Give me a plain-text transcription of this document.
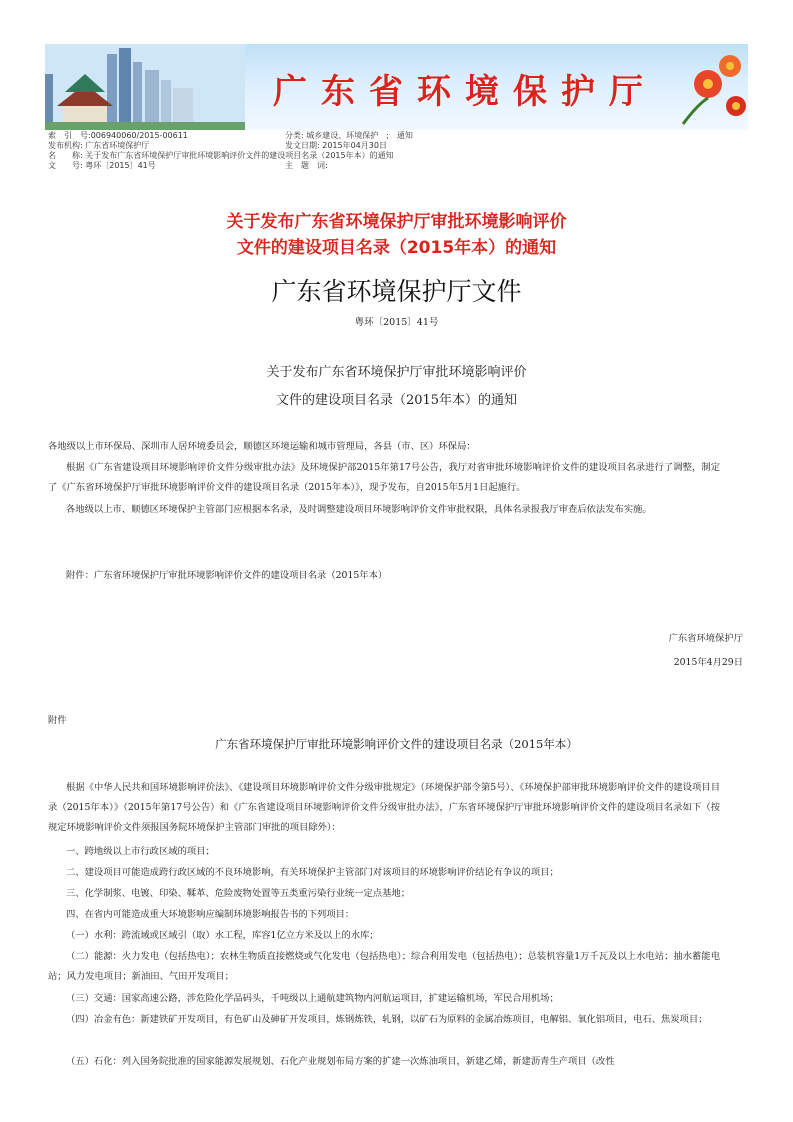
广东省环境保护厅
索　引　号:006940060/2015-00611	分类: 城乡建设、环境保护　;　通知
发布机构: 广东省环境保护厅	发文日期: 2015年04月30日
名　　称: 关于发布广东省环境保护厅审批环境影响评价文件的建设项目名录（2015年本）的通知
文　　号: 粤环〔2015〕41号	主　题　词:
关于发布广东省环境保护厅审批环境影响评价
文件的建设项目名录（2015年本）的通知
广东省环境保护厅文件
粤环〔2015〕41号
关于发布广东省环境保护厅审批环境影响评价
文件的建设项目名录（2015年本）的通知
各地级以上市环保局、深圳市人居环境委员会，顺德区环境运输和城市管理局，各县（市、区）环保局：
根据《广东省建设项目环境影响评价文件分级审批办法》及环境保护部2015年第17号公告，我厅对省审批环境影响评价文件的建设项目名录进行了调整，制定了《广东省环境保护厅审批环境影响评价文件的建设项目名录（2015年本）》，现予发布，自2015年5月1日起施行。
各地级以上市、顺德区环境保护主管部门应根据本名录，及时调整建设项目环境影响评价文件审批权限，具体名录报我厅审查后依法发布实施。
附件：广东省环境保护厅审批环境影响评价文件的建设项目名录（2015年本）
广东省环境保护厅
2015年4月29日
附件
广东省环境保护厅审批环境影响评价文件的建设项目名录（2015年本）
根据《中华人民共和国环境影响评价法》、《建设项目环境影响评价文件分级审批规定》（环境保护部令第5号）、《环境保护部审批环境影响评价文件的建设项目目录（2015年本）》（2015年第17号公告）和《广东省建设项目环境影响评价文件分级审批办法》，广东省环境保护厅审批环境影响评价文件的建设项目名录如下（按规定环境影响评价文件须报国务院环境保护主管部门审批的项目除外）：
一、跨地级以上市行政区域的项目；
二、建设项目可能造成跨行政区域的不良环境影响，有关环境保护主管部门对该项目的环境影响评价结论有争议的项目；
三、化学制浆、电镀、印染、鞣革、危险废物处置等五类重污染行业统一定点基地；
四、在省内可能造成重大环境影响应编制环境影响报告书的下列项目：
（一）水利：跨流域或区域引（取）水工程，库容1亿立方米及以上的水库；
（二）能源：火力发电（包括热电）；农林生物质直接燃烧或气化发电（包括热电）；综合利用发电（包括热电）；总装机容量1万千瓦及以上水电站；抽水蓄能电站；风力发电项目；新油田、气田开发项目；
（三）交通：国家高速公路，涉危险化学品码头，千吨级以上通航建筑物内河航运项目，扩建运输机场，军民合用机场；
（四）冶金有色：新建铁矿开发项目，有色矿山及砷矿开发项目，炼钢炼铁，轧钢，以矿石为原料的金属冶炼项目，电解铝、氧化铝项目，电石、焦炭项目；
（五）石化：列入国务院批准的国家能源发展规划、石化产业规划布局方案的扩建一次炼油项目，新建乙烯，新建沥青生产项目（改性
